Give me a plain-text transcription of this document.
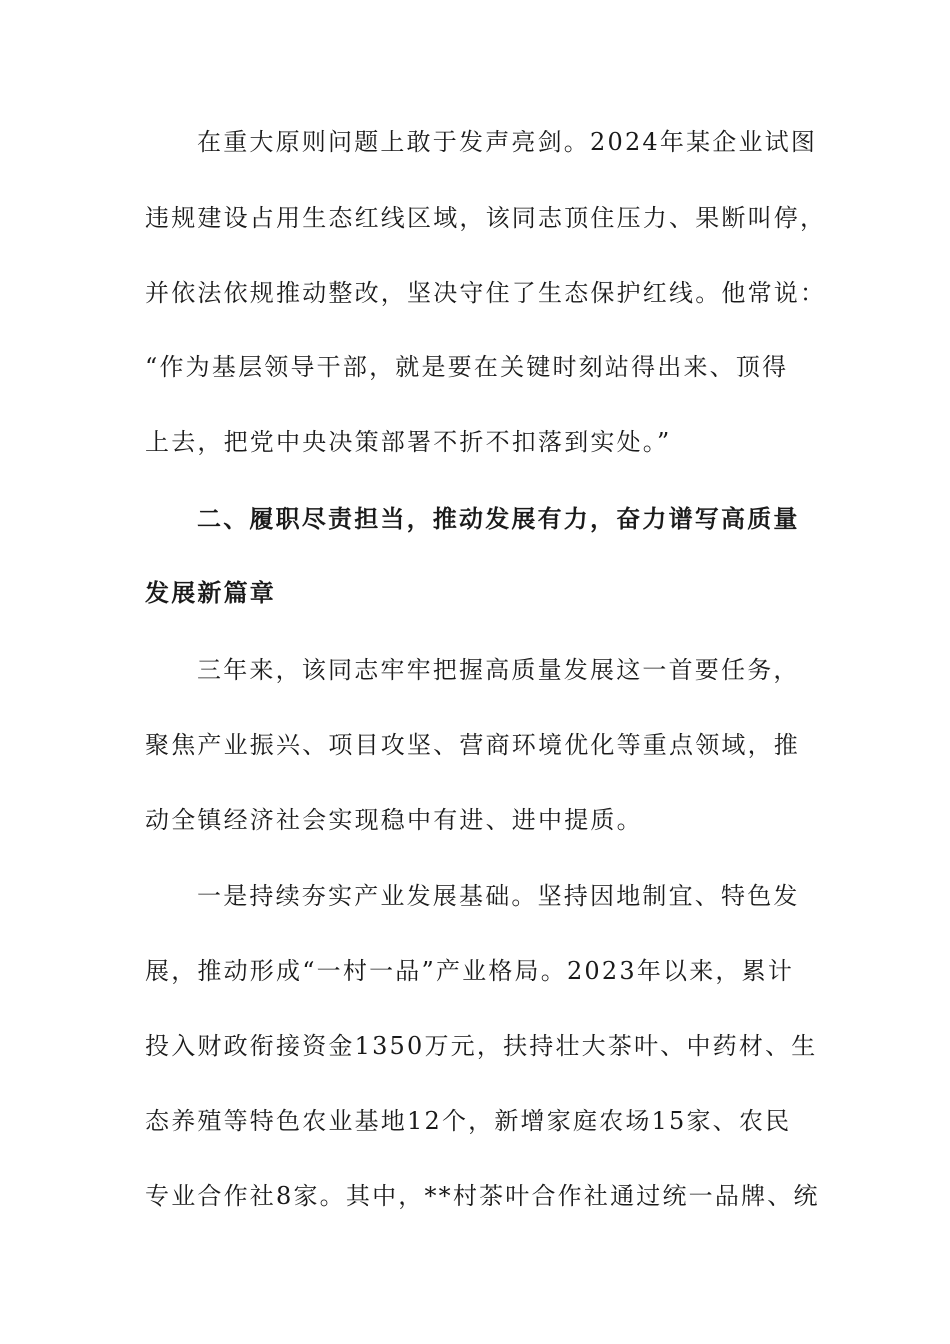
在重大原则问题上敢于发声亮剑。2024年某企业试图
违规建设占用生态红线区域，该同志顶住压力、果断叫停，
并依法依规推动整改，坚决守住了生态保护红线。他常说：
“作为基层领导干部，就是要在关键时刻站得出来、顶得
上去，把党中央决策部署不折不扣落到实处。”
二、履职尽责担当，推动发展有力，奋力谱写高质量
发展新篇章
三年来，该同志牢牢把握高质量发展这一首要任务，
聚焦产业振兴、项目攻坚、营商环境优化等重点领域，推
动全镇经济社会实现稳中有进、进中提质。
一是持续夯实产业发展基础。坚持因地制宜、特色发
展，推动形成“一村一品”产业格局。2023年以来，累计
投入财政衔接资金1350万元，扶持壮大茶叶、中药材、生
态养殖等特色农业基地12个，新增家庭农场15家、农民
专业合作社8家。其中，**村茶叶合作社通过统一品牌、统
